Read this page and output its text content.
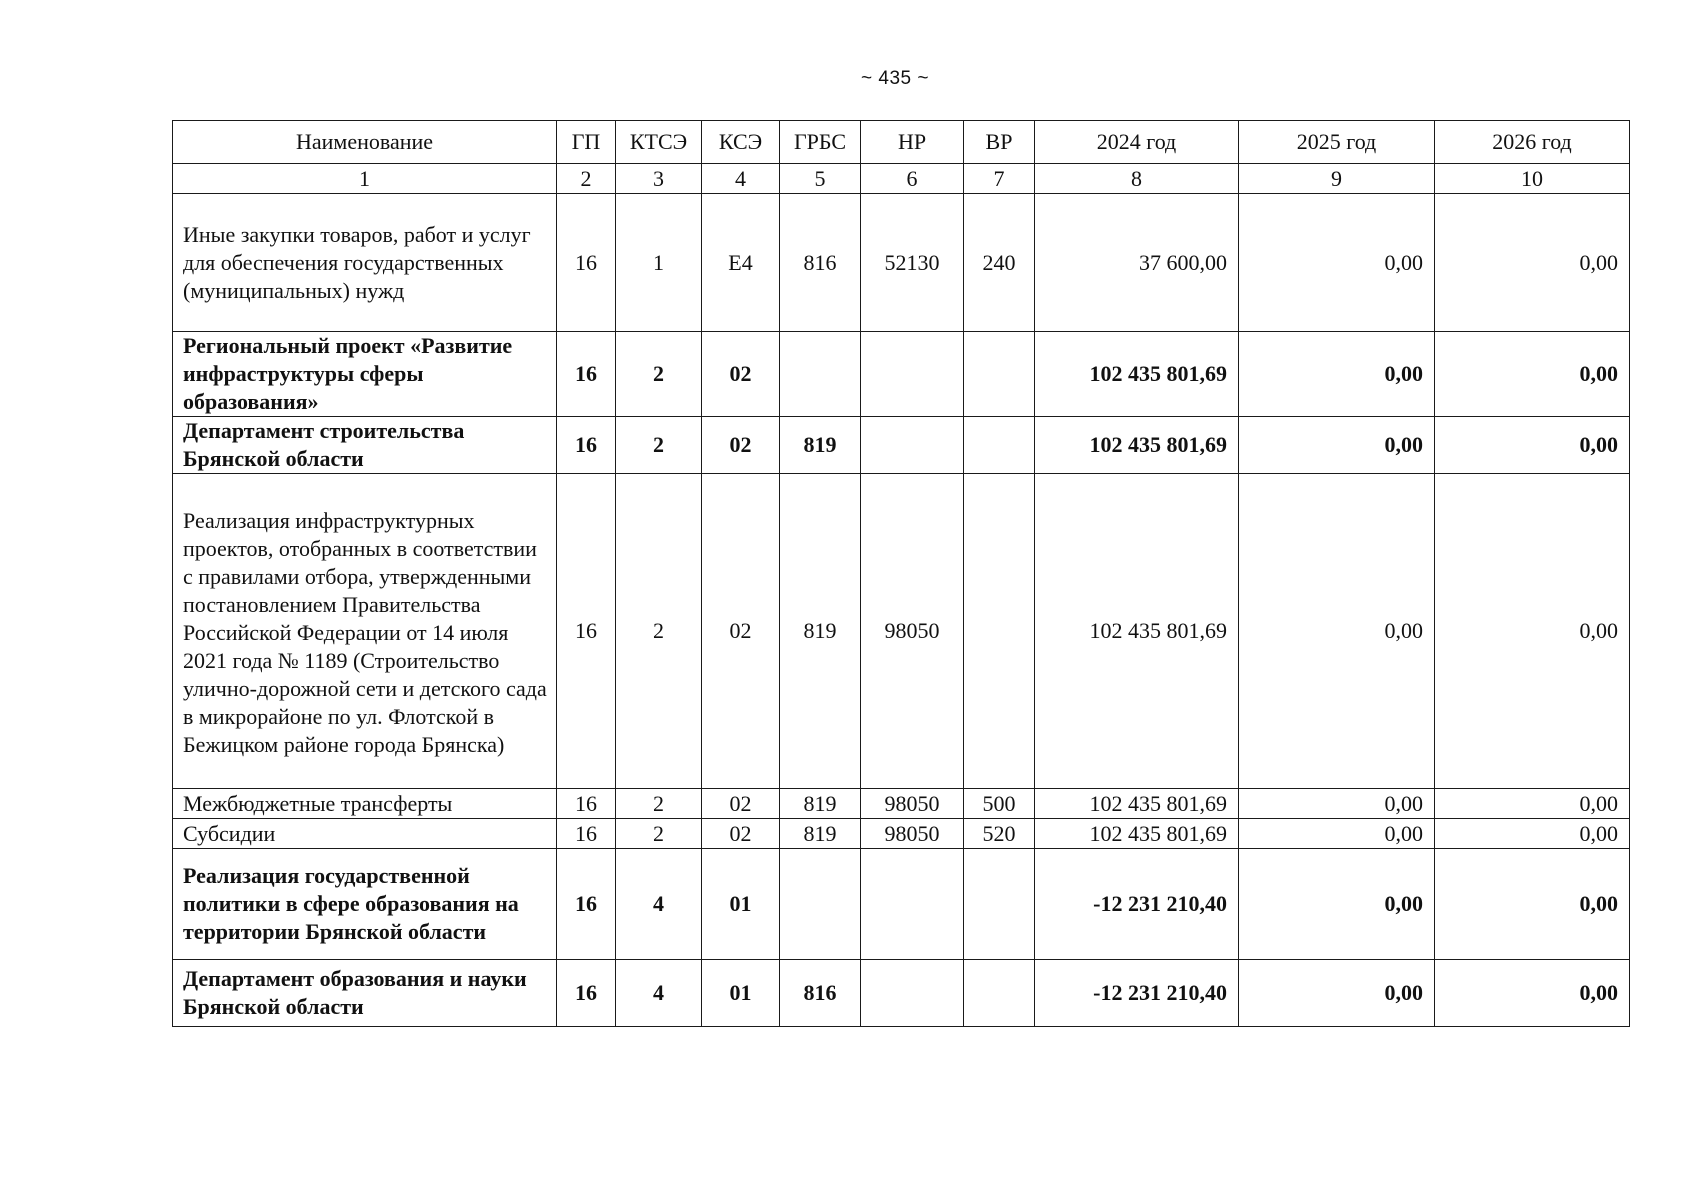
~ 435 ~
Наименование	ГП	КТСЭ	КСЭ	ГРБС	НР	ВР	2024 год	2025 год	2026 год
1	2	3	4	5	6	7	8	9	10
Иные закупки товаров, работ и услуг для обеспечения государственных (муниципальных) нужд	16	1	Е4	816	52130	240	37 600,00	0,00	0,00
Региональный проект «Развитие инфраструктуры сферы образования»	16	2	02				102 435 801,69	0,00	0,00
Департамент строительства Брянской области	16	2	02	819			102 435 801,69	0,00	0,00
Реализация инфраструктурных проектов, отобранных в соответствии с правилами отбора, утвержденными постановлением Правительства Российской Федерации от 14 июля 2021 года № 1189 (Строительство улично-дорожной сети и детского сада в микрорайоне по ул. Флотской в Бежицком районе города Брянска)	16	2	02	819	98050		102 435 801,69	0,00	0,00
Межбюджетные трансферты	16	2	02	819	98050	500	102 435 801,69	0,00	0,00
Субсидии	16	2	02	819	98050	520	102 435 801,69	0,00	0,00
Реализация государственной политики в сфере образования на территории Брянской области	16	4	01				-12 231 210,40	0,00	0,00
Департамент образования и науки Брянской области	16	4	01	816			-12 231 210,40	0,00	0,00
